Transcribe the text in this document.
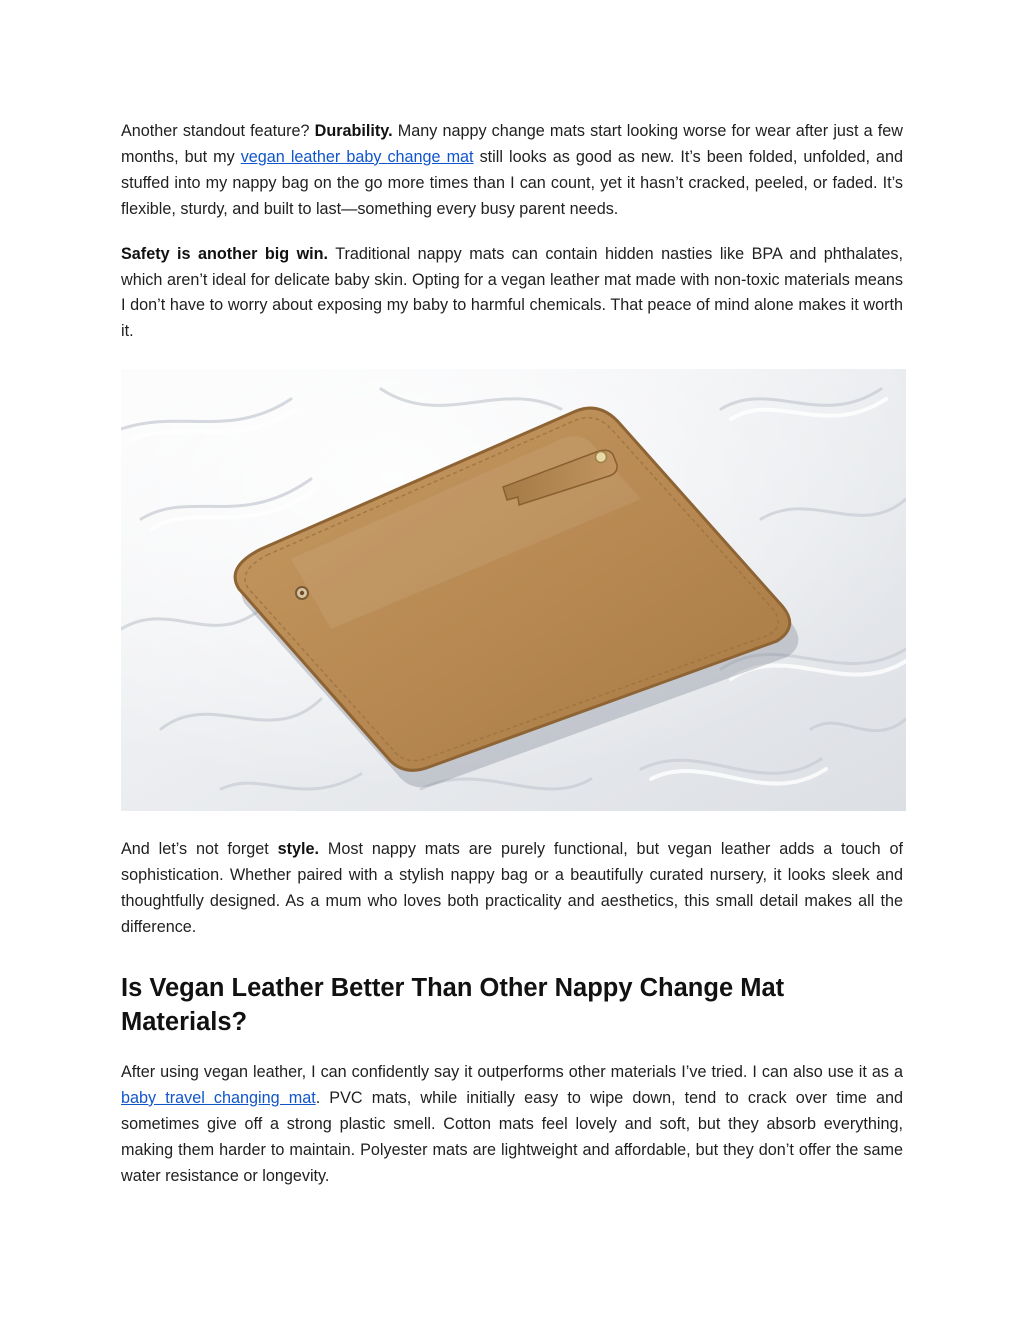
Another standout feature? Durability. Many nappy change mats start looking worse for wear after just a few months, but my vegan leather baby change mat still looks as good as new. It’s been folded, unfolded, and stuffed into my nappy bag on the go more times than I can count, yet it hasn’t cracked, peeled, or faded. It’s flexible, sturdy, and built to last—something every busy parent needs.

Safety is another big win. Traditional nappy mats can contain hidden nasties like BPA and phthalates, which aren’t ideal for delicate baby skin. Opting for a vegan leather mat made with non-toxic materials means I don’t have to worry about exposing my baby to harmful chemicals. That peace of mind alone makes it worth it.

And let’s not forget style. Most nappy mats are purely functional, but vegan leather adds a touch of sophistication. Whether paired with a stylish nappy bag or a beautifully curated nursery, it looks sleek and thoughtfully designed. As a mum who loves both practicality and aesthetics, this small detail makes all the difference.

Is Vegan Leather Better Than Other Nappy Change Mat Materials?

After using vegan leather, I can confidently say it outperforms other materials I’ve tried. I can also use it as a baby travel changing mat. PVC mats, while initially easy to wipe down, tend to crack over time and sometimes give off a strong plastic smell. Cotton mats feel lovely and soft, but they absorb everything, making them harder to maintain. Polyester mats are lightweight and affordable, but they don’t offer the same water resistance or longevity.
